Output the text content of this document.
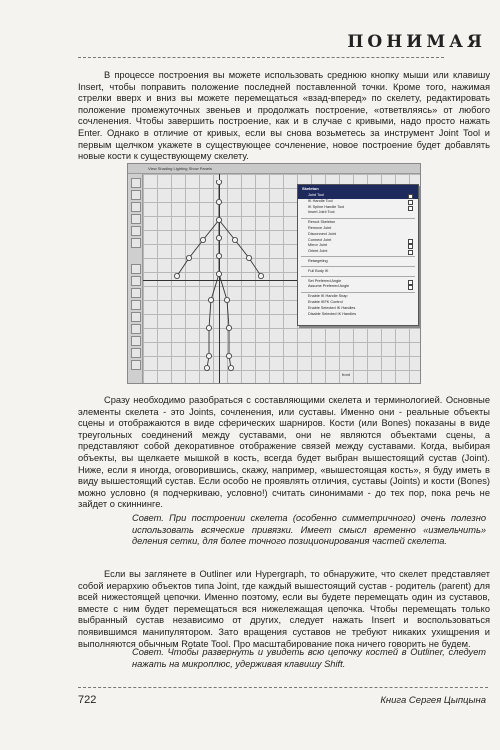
ПОНИМАЯ

В процессе построения вы можете использовать среднюю кнопку мыши или клавишу Insert, чтобы поправить положение последней поставленной точки. Кроме того, нажимая стрелки вверх и вниз вы можете перемещаться «взад-вперед» по скелету, редактировать положение промежуточных звеньев и продолжать построение, «ответвляясь» от любого сочленения. Чтобы завершить построение, как и в случае с кривыми, надо просто нажать Enter. Однако в отличие от кривых, если вы снова возьметесь за инструмент Joint Tool и первым щелчком укажете в существующее сочленение, новое построение будет добавлять новые кости к существующему скелету.

View Shading Lighting Show Panels
front
Skeleton
Joint Tool
IK Handle Tool
IK Spline Handle Tool
Insert Joint Tool
Reroot Skeleton
Remove Joint
Disconnect Joint
Connect Joint
Mirror Joint
Orient Joint
Retargeting
Full Body IK
Set Preferred Angle
Assume Preferred Angle
Enable IK Handle Snap
Enable IKFK Control
Enable Selected IK Handles
Disable Selected IK Handles

Сразу необходимо разобраться с составляющими скелета и терминологией. Основные элементы скелета - это Joints, сочленения, или суставы. Именно они - реальные объекты сцены и отображаются в виде сферических шарниров. Кости (или Bones) показаны в виде треугольных соединений между суставами, они не являются объектами сцены, а представляют собой декоративное отображение связей между суставами. Когда, выбирая объекты, вы щелкаете мышкой в кость, всегда будет выбран вышестоящий сустав (Joint). Ниже, если я иногда, оговорившись, скажу, например, «вышестоящая кость», я буду иметь в виду вышестоящий сустав. Если особо не проявлять отличия, суставы (Joints) и кости (Bones) можно условно (я подчеркиваю, условно!) считать синонимами - до тех пор, пока речь не зайдет о скиннинге.

Совет. При построении скелета (особенно симметричного) очень полезно использовать всяческие привязки. Имеет смысл временно «измельчить» деления сетки, для более точного позиционирования частей скелета.

Если вы заглянете в Outliner или Hypergraph, то обнаружите, что скелет представляет собой иерархию объектов типа Joint, где каждый вышестоящий сустав - родитель (parent) для всей нижестоящей цепочки. Именно поэтому, если вы будете перемещать один из суставов, вместе с ним будет перемещаться вся нижележащая цепочка. Чтобы перемещать только выбранный сустав независимо от других, следует нажать Insert и воспользоваться появившимся манипулятором. Зато вращения суставов не требуют никаких ухищрения и выполняются обычным Rotate Tool. Про масштабирование пока ничего говорить не будем.

Совет. Чтобы развернуть и увидеть всю цепочку костей в Outliner, следует нажать на микроплюс, удерживая клавишу Shift.

722	Книга Сергея Цыпцына
